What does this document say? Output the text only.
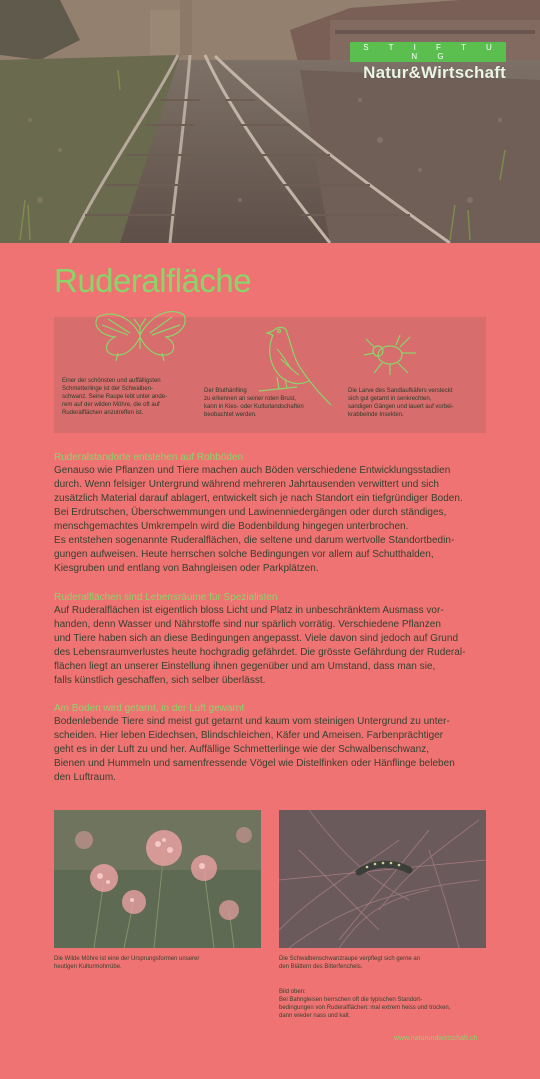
S T I F T U N G
Natur&Wirtschaft
Ruderalfläche
Einer der schönsten und auffälligsten
Schmetterlinge ist der Schwalben-
schwanz. Seine Raupe lebt unter ande-
rem auf der wilden Möhre, die oft auf
Ruderalflächen anzutreffen ist.
Der Bluthänfling
zu erkennen an seiner roten Brust,
kann in Kies- oder Kulturlandschaften
beobachtet werden.
Die Larve des Sandlaufkäfers versteckt
sich gut getarnt in senkrechten,
sandigen Gängen und lauert auf vorbei-
krabbelnde Insekten.
Ruderalstandorte entstehen auf Rohböden
Genauso wie Pflanzen und Tiere machen auch Böden verschiedene Entwicklungsstadien
durch. Wenn felsiger Untergrund während mehreren Jahrtausenden verwittert und sich
zusätzlich Material darauf ablagert, entwickelt sich je nach Standort ein tiefgründiger Boden.
Bei Erdrutschen, Überschwemmungen und Lawinenniedergängen oder durch ständiges,
menschgemachtes Umkrempeln wird die Bodenbildung hingegen unterbrochen.
Es entstehen sogenannte Ruderalflächen, die seltene und darum wertvolle Standortbedin-
gungen aufweisen. Heute herrschen solche Bedingungen vor allem auf Schutthalden,
Kiesgruben und entlang von Bahngleisen oder Parkplätzen.
Ruderalflächen sind Lebensräume für Spezialisten
Auf Ruderalflächen ist eigentlich bloss Licht und Platz in unbeschränktem Ausmass vor-
handen, denn Wasser und Nährstoffe sind nur spärlich vorrätig. Verschiedene Pflanzen
und Tiere haben sich an diese Bedingungen angepasst. Viele davon sind jedoch auf Grund
des Lebensraumverlustes heute hochgradig gefährdet. Die grösste Gefährdung der Ruderal-
flächen liegt an unserer Einstellung ihnen gegenüber und am Umstand, dass man sie,
falls künstlich geschaffen, sich selber überlässt.
Am Boden wird getarnt, in der Luft gewarnt
Bodenlebende Tiere sind meist gut getarnt und kaum vom steinigen Untergrund zu unter-
scheiden. Hier leben Eidechsen, Blindschleichen, Käfer und Ameisen. Farbenprächtiger
geht es in der Luft zu und her. Auffällige Schmetterlinge wie der Schwalbenschwanz,
Bienen und Hummeln und samenfressende Vögel wie Distelfinken oder Hänflinge beleben
den Luftraum.
Die Wilde Möhre ist eine der Ursprungsformen unserer
heutigen Kulturmohrrübe.
Die Schwalbenschwanzraupe verpflegt sich gerne an
den Blättern des Bitterfenchels.
Bild oben:
Bei Bahngleisen herrschen oft die typischen Standort-
bedingungen von Ruderalflächen: mal extrem heiss und trocken,
dann wieder nass und kalt.
www.naturundwirtschaft.ch
